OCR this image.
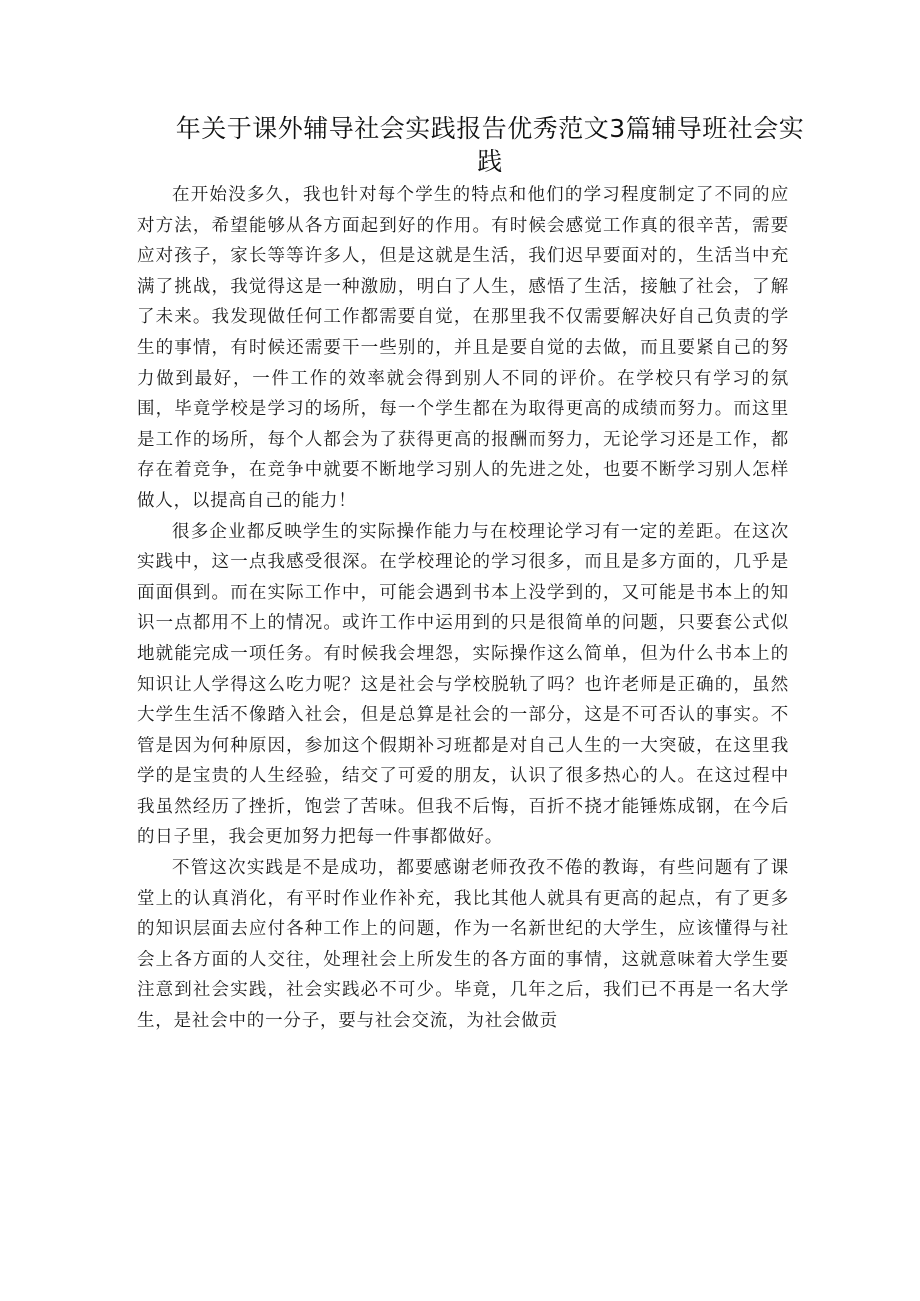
年关于课外辅导社会实践报告优秀范文3篇辅导班社会实践

在开始没多久，我也针对每个学生的特点和他们的学习程度制定了不同的应对方法，希望能够从各方面起到好的作用。有时候会感觉工作真的很辛苦，需要应对孩子，家长等等许多人，但是这就是生活，我们迟早要面对的，生活当中充满了挑战，我觉得这是一种激励，明白了人生，感悟了生活，接触了社会，了解了未来。我发现做任何工作都需要自觉，在那里我不仅需要解决好自己负责的学生的事情，有时候还需要干一些别的，并且是要自觉的去做，而且要紧自己的努力做到最好，一件工作的效率就会得到别人不同的评价。在学校只有学习的氛围，毕竟学校是学习的场所，每一个学生都在为取得更高的成绩而努力。而这里是工作的场所，每个人都会为了获得更高的报酬而努力，无论学习还是工作，都存在着竞争，在竞争中就要不断地学习别人的先进之处，也要不断学习别人怎样做人，以提高自己的能力！

很多企业都反映学生的实际操作能力与在校理论学习有一定的差距。在这次实践中，这一点我感受很深。在学校理论的学习很多，而且是多方面的，几乎是面面俱到。而在实际工作中，可能会遇到书本上没学到的，又可能是书本上的知识一点都用不上的情况。或许工作中运用到的只是很简单的问题，只要套公式似地就能完成一项任务。有时候我会埋怨，实际操作这么简单，但为什么书本上的知识让人学得这么吃力呢？这是社会与学校脱轨了吗？也许老师是正确的，虽然大学生生活不像踏入社会，但是总算是社会的一部分，这是不可否认的事实。不管是因为何种原因，参加这个假期补习班都是对自己人生的一大突破，在这里我学的是宝贵的人生经验，结交了可爱的朋友，认识了很多热心的人。在这过程中我虽然经历了挫折，饱尝了苦味。但我不后悔，百折不挠才能锤炼成钢，在今后的日子里，我会更加努力把每一件事都做好。

不管这次实践是不是成功，都要感谢老师孜孜不倦的教诲，有些问题有了课堂上的认真消化，有平时作业作补充，我比其他人就具有更高的起点，有了更多的知识层面去应付各种工作上的问题，作为一名新世纪的大学生，应该懂得与社会上各方面的人交往，处理社会上所发生的各方面的事情，这就意味着大学生要注意到社会实践，社会实践必不可少。毕竟，几年之后，我们已不再是一名大学生，是社会中的一分子，要与社会交流，为社会做贡
